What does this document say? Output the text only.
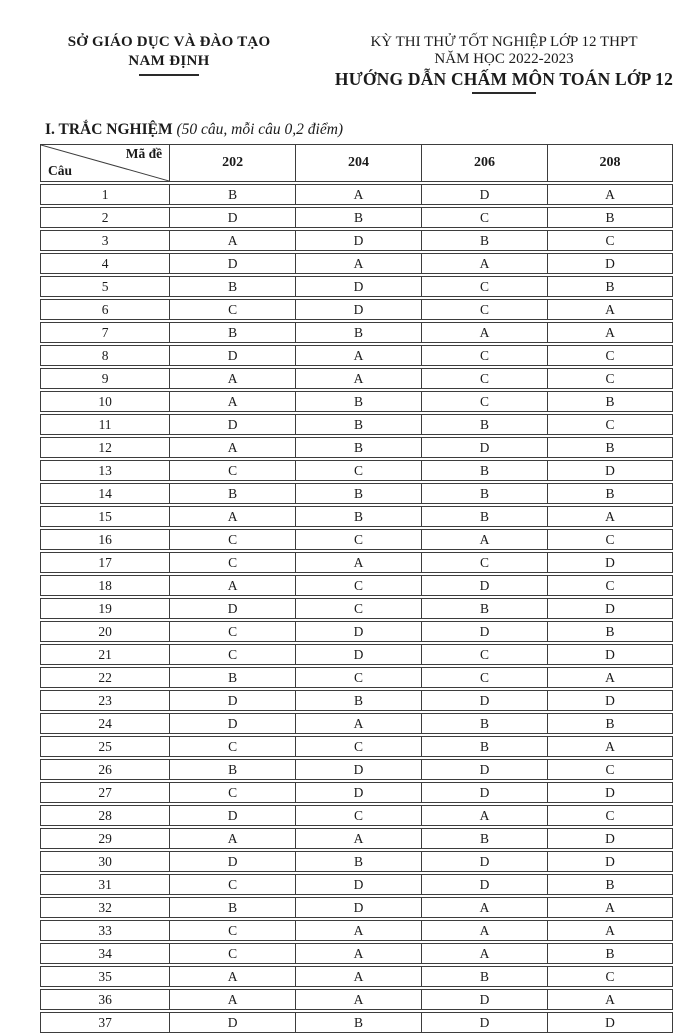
SỞ GIÁO DỤC VÀ ĐÀO TẠO
NAM ĐỊNH
KỲ THI THỬ TỐT NGHIỆP LỚP 12 THPT
NĂM HỌC 2022-2023
HƯỚNG DẪN CHẤM MÔN TOÁN LỚP 12
I. TRẮC NGHIỆM (50 câu, mỗi câu 0,2 điểm)
Mã đề
Câu	202	204	206	208
1	B	A	D	A
2	D	B	C	B
3	A	D	B	C
4	D	A	A	D
5	B	D	C	B
6	C	D	C	A
7	B	B	A	A
8	D	A	C	C
9	A	A	C	C
10	A	B	C	B
11	D	B	B	C
12	A	B	D	B
13	C	C	B	D
14	B	B	B	B
15	A	B	B	A
16	C	C	A	C
17	C	A	C	D
18	A	C	D	C
19	D	C	B	D
20	C	D	D	B
21	C	D	C	D
22	B	C	C	A
23	D	B	D	D
24	D	A	B	B
25	C	C	B	A
26	B	D	D	C
27	C	D	D	D
28	D	C	A	C
29	A	A	B	D
30	D	B	D	D
31	C	D	D	B
32	B	D	A	A
33	C	A	A	A
34	C	A	A	B
35	A	A	B	C
36	A	A	D	A
37	D	B	D	D
